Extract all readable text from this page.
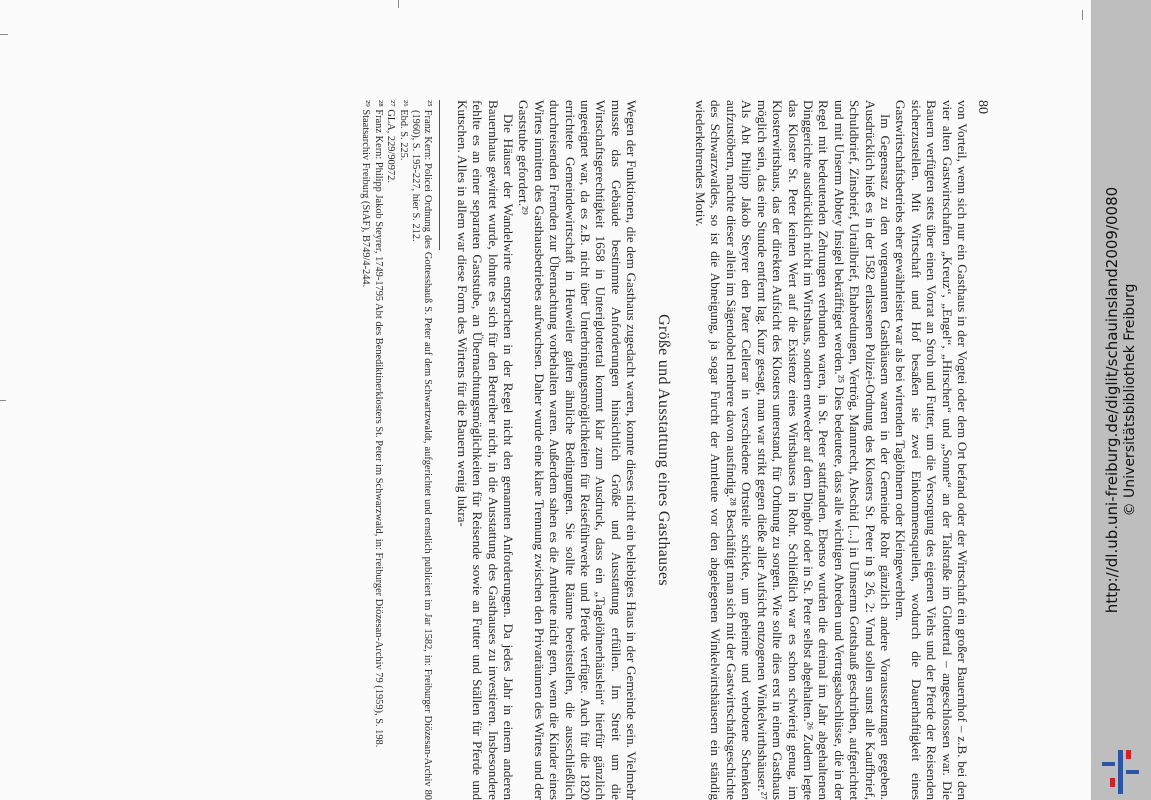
80

von Vorteil, wenn sich nur ein Gasthaus in der Vogtei oder dem Ort befand oder der Wirtschaft ein großer Bauernhof – z.B. bei den vier alten Gastwirtschaften „Kreuz“, „Engel“, „Hirschen“ und „Sonne“ an der Talstraße im Glottertal – angeschlossen war. Die Bauern verfügten stets über einen Vorrat an Stroh und Futter, um die Versorgung des eigenen Viehs und der Pferde der Reisenden sicherzustellen. Mit Wirtschaft und Hof besaßen sie zwei Einkommensquellen, wodurch die Dauerhaftigkeit eines Gastwirtschaftsbetriebs eher gewährleistet war als bei wirtenden Taglöhnern oder Kleingewerblern.

Im Gegensatz zu den vorgenannten Gasthäusern waren in der Gemeinde Rohr gänzlich andere Voraussetzungen gegeben. Ausdrücklich hieß es in der 1582 erlassenen Polizei-Ordnung des Klosters St. Peter in § 26, 2: Vnnd sollen sunst alle Kauffbrief, Schuldbrief, Zinsbrief, Urtailbrief, Ehabredungen, Vertrög, Mannrecht, Abschid [...] in Unnsernn Gottshauß geschriben, aufgerichtet und mit Unserm Abbtey Insigel bekräfftiget werden.²⁵ Dies bedeutete, dass alle wichtigen Abreden und Vertragsabschlüsse, die in der Regel mit bedeutenden Zehrungen verbunden waren, in St. Peter stattfanden. Ebenso wurden die dreimal im Jahr abgehaltenen Dinggerichte ausdrücklich nicht im Wirtshaus, sondern entweder auf dem Dinghof oder in St. Peter selbst abgehalten.²⁶ Zudem legte das Kloster St. Peter keinen Wert auf die Existenz eines Wirtshauses in Rohr. Schließlich war es schon schwierig genug, im Klosterwirtshaus, das der direkten Aufsicht des Klosters unterstand, für Ordnung zu sorgen. Wie sollte dies erst in einem Gasthaus möglich sein, das eine Stunde entfernt lag. Kurz gesagt, man war strikt gegen dieße aller Aufsicht entzogenen Winkelwirthshäuser.²⁷ Als Abt Philipp Jakob Steyrer den Pater Cellerar in verschiedene Ortsteile schickte, um geheime und verbotene Schenken aufzustöbern, machte dieser allein im Sägendobel mehrere davon ausfindig.²⁸ Beschäftigt man sich mit der Gastwirtschaftsgeschichte des Schwarzwaldes, so ist die Abneigung, ja sogar Furcht der Amtleute vor den abgelegenen Winkelwirtshäusern ein ständig wiederkehrendes Motiv.

Größe und Ausstattung eines Gasthauses

Wegen der Funktionen, die dem Gasthaus zugedacht waren, konnte dieses nicht ein beliebiges Haus in der Gemeinde sein. Vielmehr musste das Gebäude bestimmte Anforderungen hinsichtlich Größe und Ausstattung erfüllen. Im Streit um die Wirtschaftsgerechtigkeit 1658 in Unteriglottertal kommt klar zum Ausdruck, dass ein „Tagelöhnerhäuslein“ hierfür gänzlich ungeeignet war, da es z.B. nicht über Unterbringungsmöglichkeiten für Reiseführwerke und Pferde verfügte. Auch für die 1820 errichtete Gemeindewirtschaft in Heuweiler galten ähnliche Bedingungen. Sie sollte Räume bereitstellen, die ausschließlich durchreisenden Fremden zur Übernachtung vorbehalten waren. Außerdem sahen es die Amtleute nicht gern, wenn die Kinder eines Wirtes inmitten des Gasthausbetriebes aufwuchsen. Daher wurde eine klare Trennung zwischen den Privaträumen des Wirtes und der Gaststube gefordert.²⁹

Die Häuser der Wandelwirte entsprachen in der Regel nicht den genannten Anforderungen. Da jedes Jahr in einem anderen Bauernhaus gewirtet wurde, lohnte es sich für den Betreiber nicht, in die Ausstattung des Gasthauses zu investieren. Insbesondere fehlte es an einer separaten Gaststube, an Übernachtungsmöglichkeiten für Reisende sowie an Futter und Ställen für Pferde und Kutschen. Alles in allem war diese Form des Wirtens für die Bauern wenig lukra-

²⁵ Franz Kern: Policei Ordnung des Gottesshauß S. Peter auf dem Schwartzwaldt, aufgerichtet und ernstlich publiciert im Jar 1582, in: Freiburger Diözesan-Archiv 80 (1960), S. 195-227, hier S. 212.
²⁶ Ebd. S. 225.
²⁷ GLA, 229/90972.
²⁸ Franz Kern: Philipp Jakob Steyrer, 1749-1795 Abt des Benediktinerklosters St. Peter im Schwarzwald, in: Freiburger Diözesan-Archiv 79 (1959), S. 198.
²⁹ Staatsarchiv Freiburg (StAF), B749/4-244.	http://dl.ub.uni-freiburg.de/diglit/schauinsland2009/0080 © Universitätsbibliothek Freiburg
